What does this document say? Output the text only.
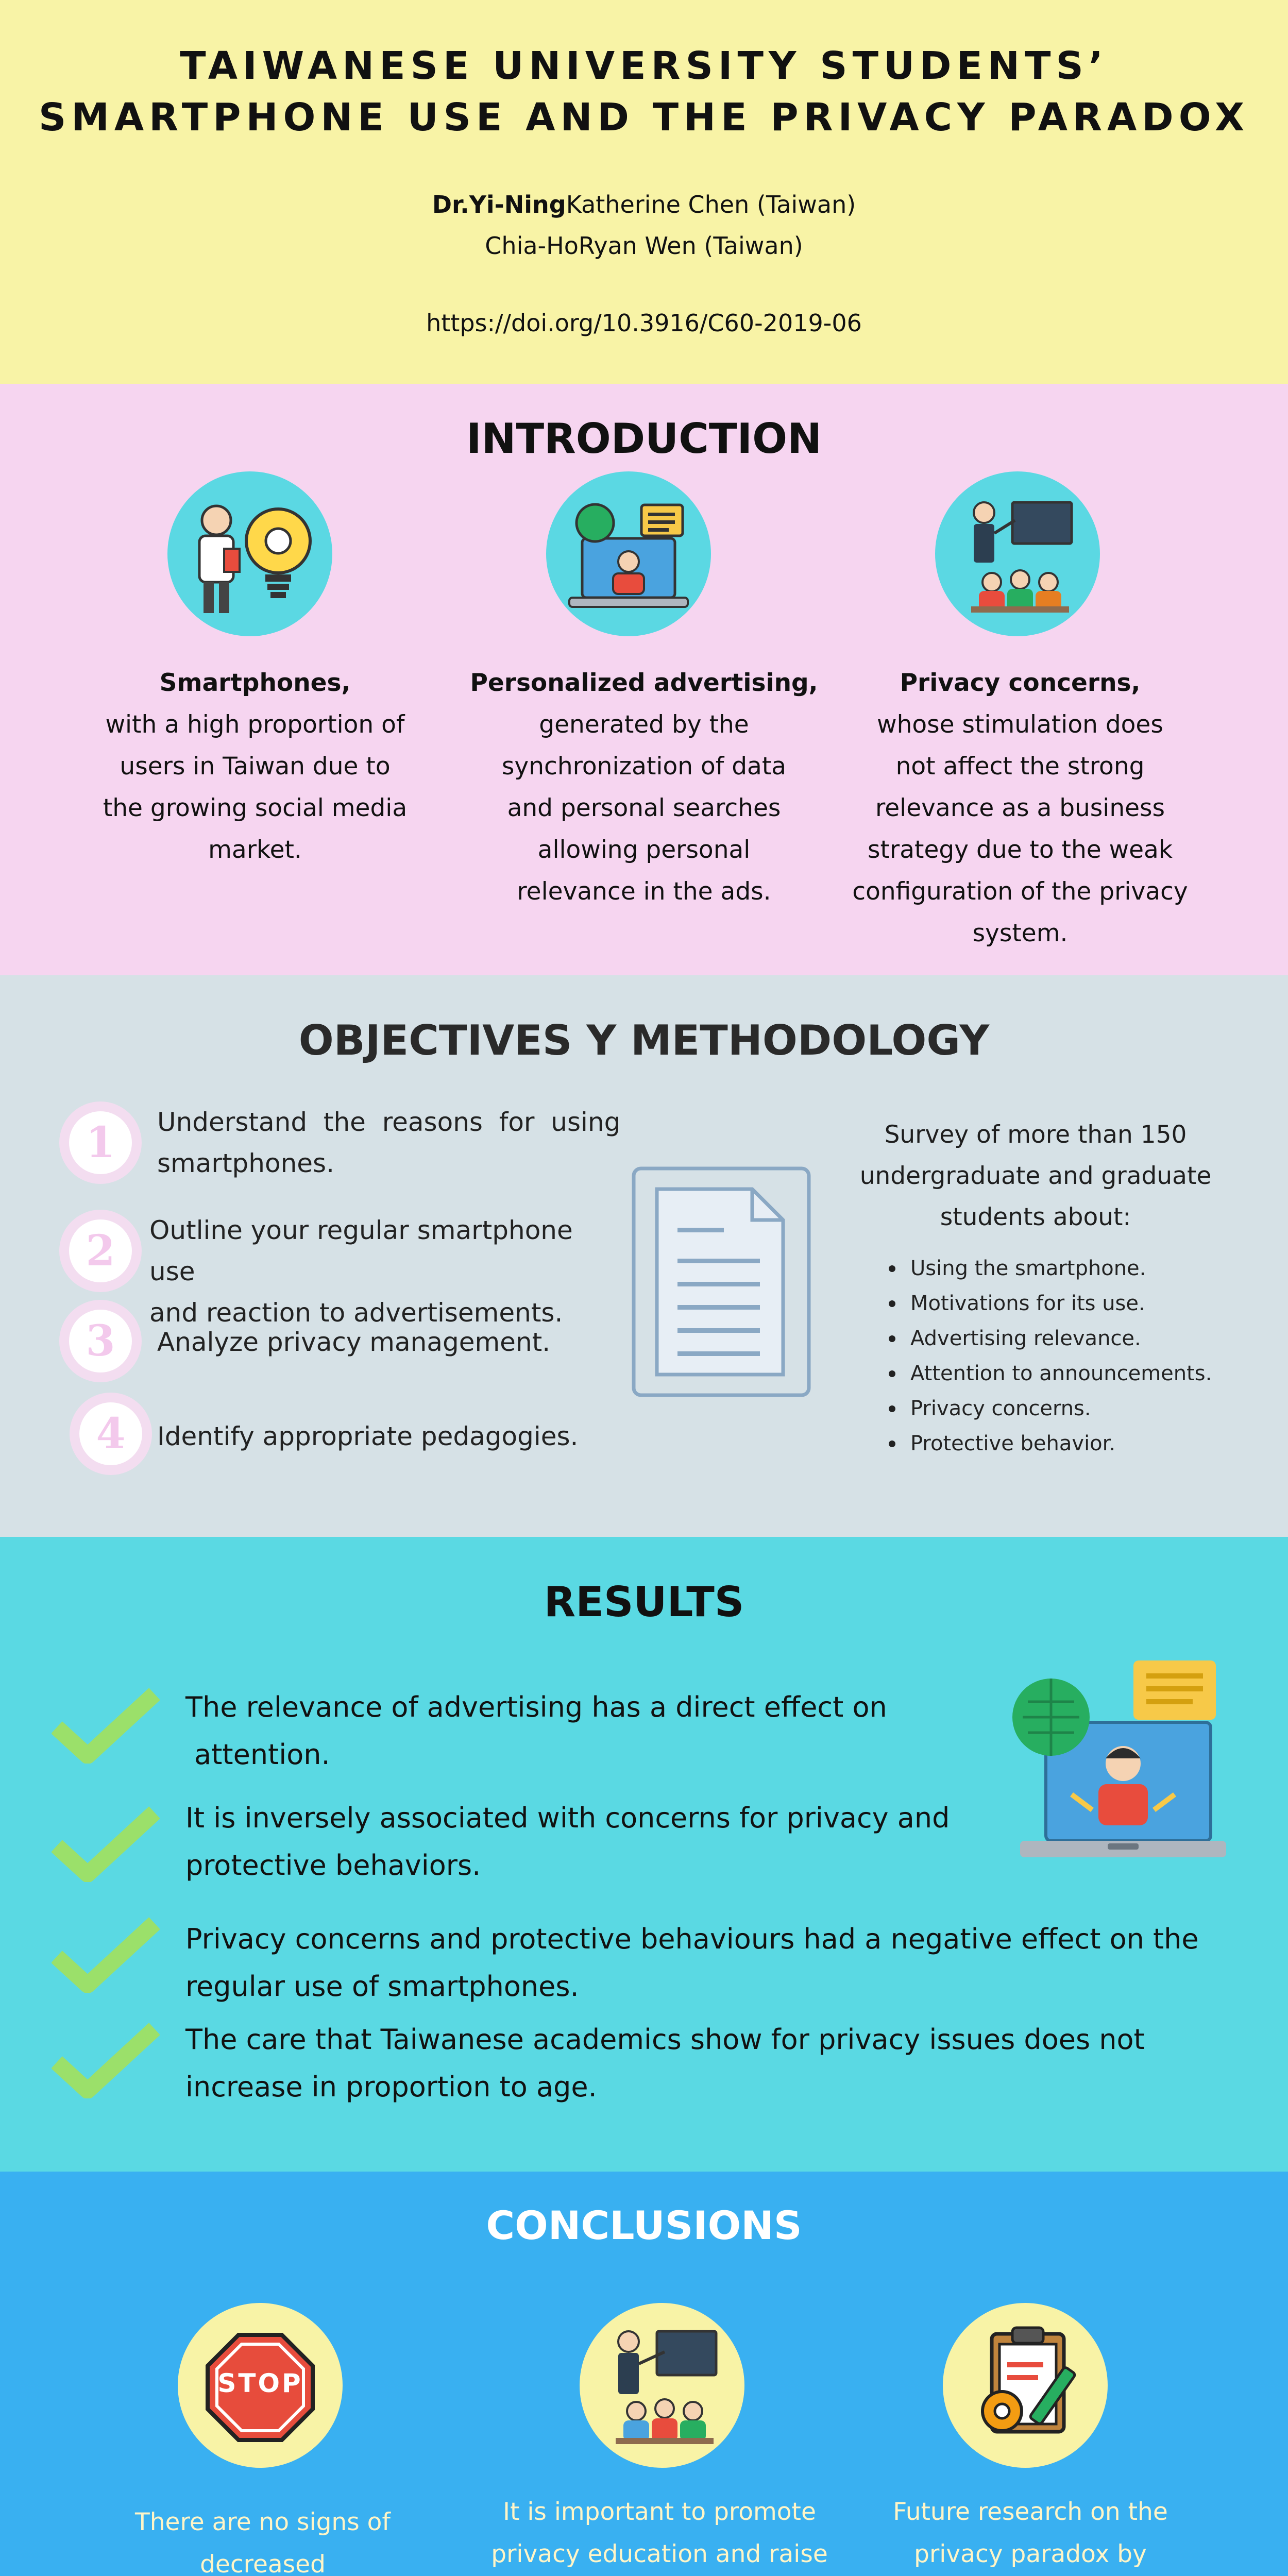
TAIWANESE UNIVERSITY STUDENTS’
SMARTPHONE USE AND THE PRIVACY PARADOX
Dr.Yi-NingKatherine Chen (Taiwan)
Chia-HoRyan Wen (Taiwan)
https://doi.org/10.3916/C60-2019-06
INTRODUCTION
Smartphones,
with a high proportion of
users in Taiwan due to
the growing social media
market.
Personalized advertising,
generated by the
synchronization of data
and personal searches
allowing personal
relevance in the ads.
Privacy concerns,
whose stimulation does
not affect the strong
relevance as a business
strategy due to the weak
configuration of the privacy
system.
OBJECTIVES Y METHODOLOGY
1	Understand  the  reasons  for  using
smartphones.
2	Outline your regular smartphone use
and reaction to advertisements.
3	Analyze privacy management.
4	Identify appropriate pedagogies.
Survey of more than 150
undergraduate and graduate
students about:
Using the smartphone.
Motivations for its use.
Advertising relevance.
Attention to announcements.
Privacy concerns.
Protective behavior.
RESULTS
The relevance of advertising has a direct effect on
attention.
It is inversely associated with concerns for privacy and
protective behaviors.
Privacy concerns and protective behaviours had a negative effect on the
regular use of smartphones.
The care that Taiwanese academics show for privacy issues does not
increase in proportion to age.
CONCLUSIONS
STOP
There are no signs of
decreased
It is important to promote
privacy education and raise
Future research on the
privacy paradox by
